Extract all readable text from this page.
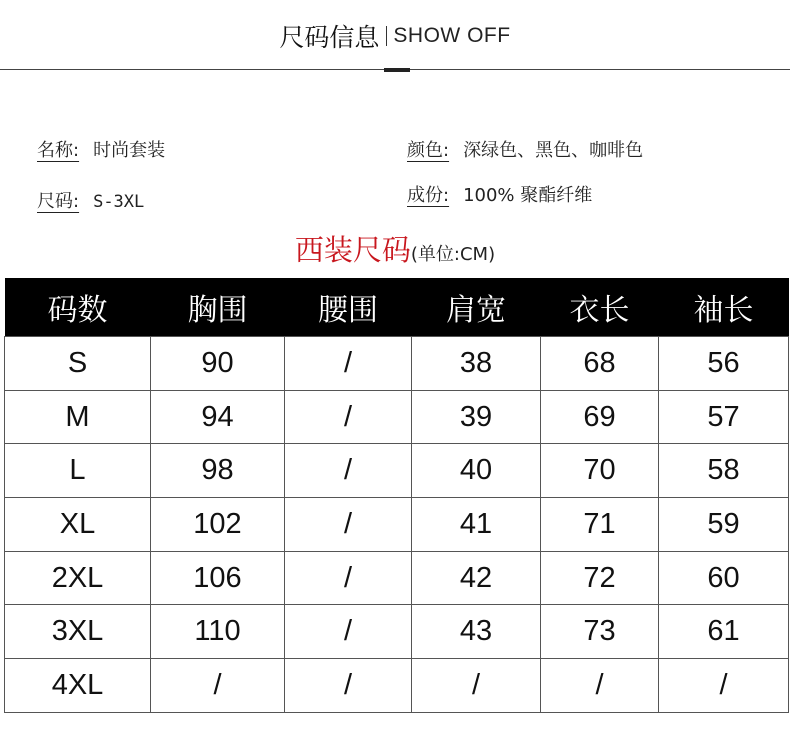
尺码信息 SHOW OFF
名称: 时尚套装	颜色: 深绿色、黑色、咖啡色
尺码: S-3XL	成份: 100% 聚酯纤维
西装尺码(单位:CM)
码数	胸围	腰围	肩宽	衣长	袖长
S	90	/	38	68	56
M	94	/	39	69	57
L	98	/	40	70	58
XL	102	/	41	71	59
2XL	106	/	42	72	60
3XL	110	/	43	73	61
4XL	/	/	/	/	/
